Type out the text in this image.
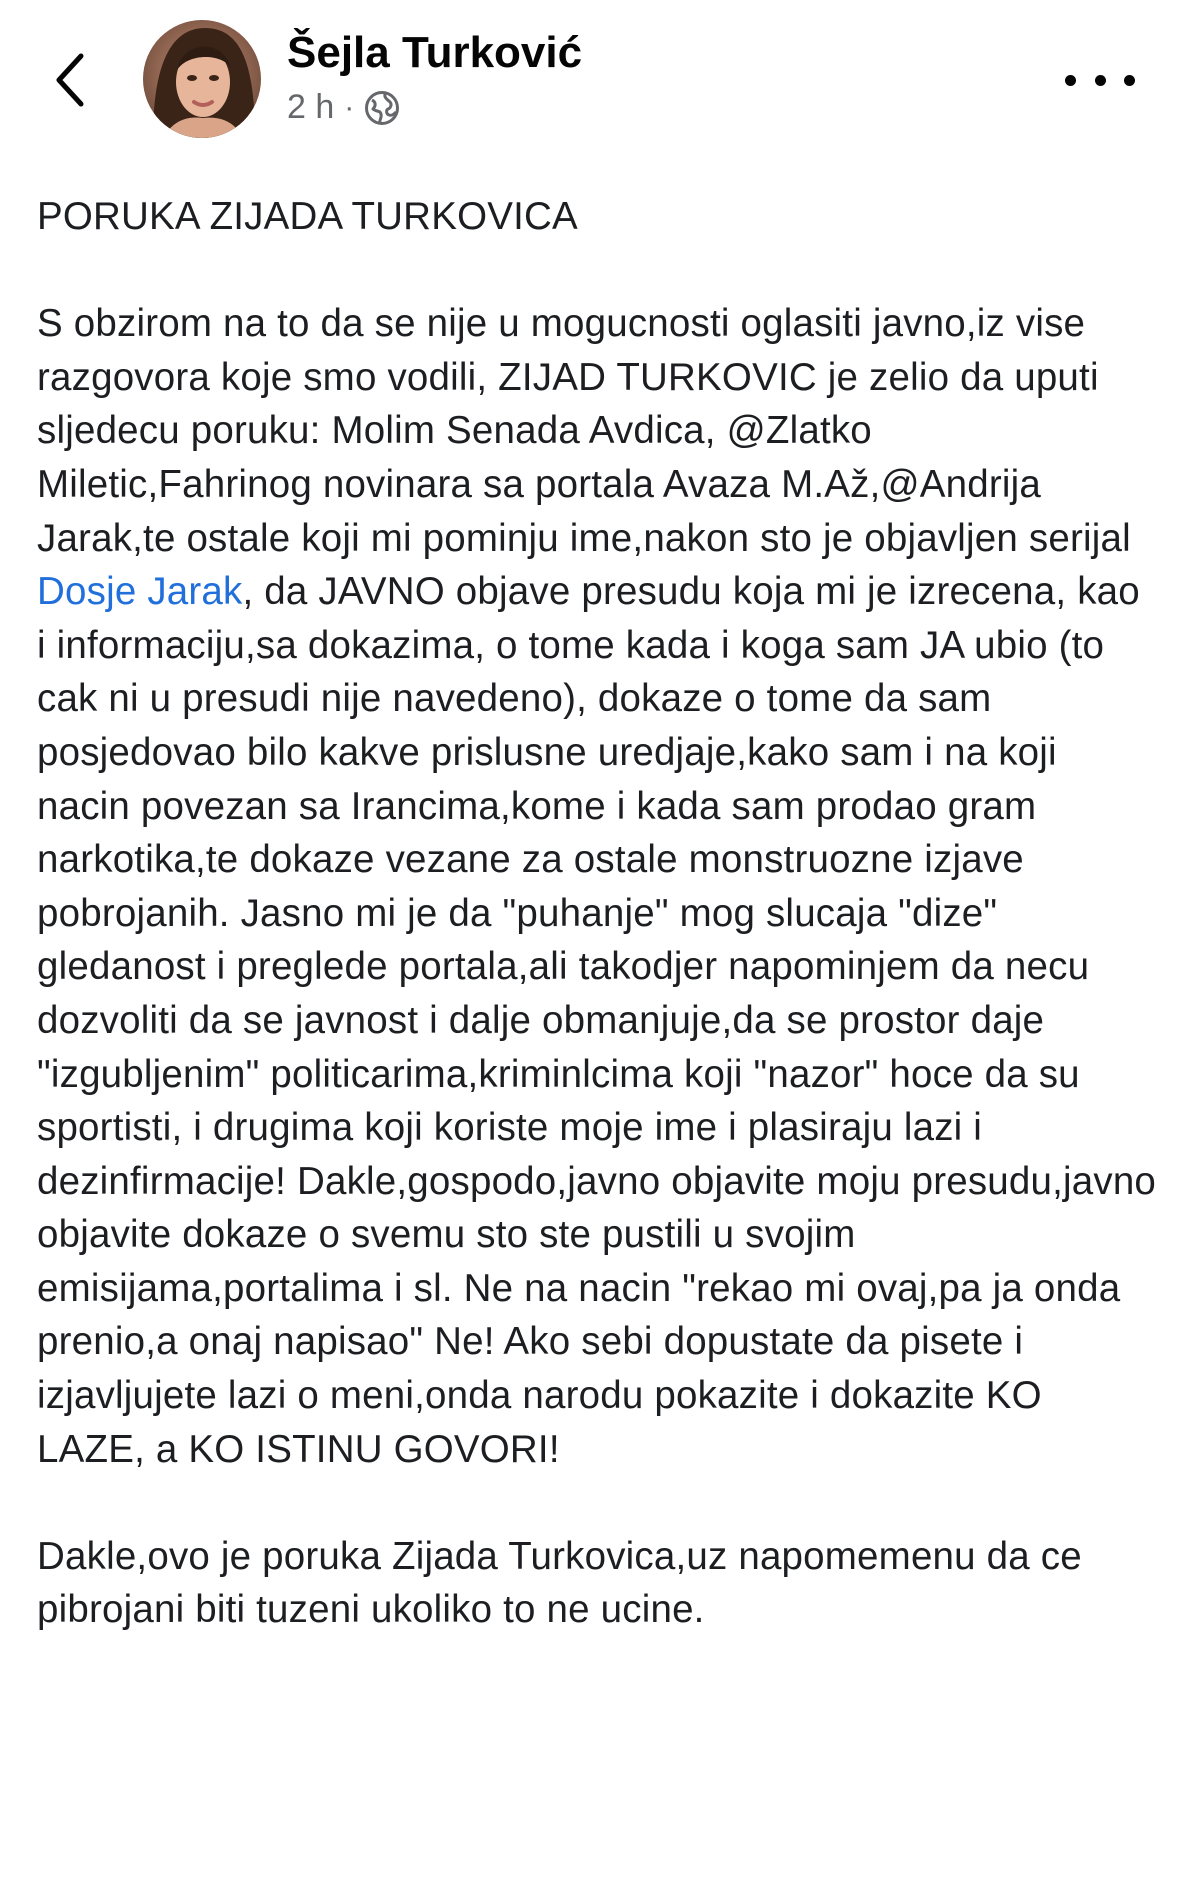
Šejla Turković
2 h ·

PORUKA ZIJADA TURKOVICA

S obzirom na to da se nije u mogucnosti oglasiti javno,iz vise razgovora koje smo vodili, ZIJAD TURKOVIC je zelio da uputi sljedecu poruku: Molim Senada Avdica, @Zlatko Miletic,Fahrinog novinara sa portala Avaza M.Až,@Andrija Jarak,te ostale koji mi pominju ime,nakon sto je objavljen serijal Dosje Jarak, da JAVNO objave presudu koja mi je izrecena, kao i informaciju,sa dokazima, o tome kada i koga sam JA ubio (to cak ni u presudi nije navedeno), dokaze o tome da sam posjedovao bilo kakve prislusne uredjaje,kako sam i na koji nacin povezan sa Irancima,kome i kada sam prodao gram narkotika,te dokaze vezane za ostale monstruozne izjave pobrojanih. Jasno mi je da "puhanje" mog slucaja "dize" gledanost i preglede portala,ali takodjer napominjem da necu dozvoliti da se javnost i dalje obmanjuje,da se prostor daje "izgubljenim" politicarima,kriminlcima koji "nazor" hoce da su sportisti, i drugima koji koriste moje ime i plasiraju lazi i dezinfirmacije! Dakle,gospodo,javno objavite moju presudu,javno objavite dokaze o svemu sto ste pustili u svojim emisijama,portalima i sl. Ne na nacin "rekao mi ovaj,pa ja onda prenio,a onaj napisao" Ne! Ako sebi dopustate da pisete i izjavljujete lazi o meni,onda narodu pokazite i dokazite KO LAZE, a KO ISTINU GOVORI!

Dakle,ovo je poruka Zijada Turkovica,uz napomemenu da ce pibrojani biti tuzeni ukoliko to ne ucine.
